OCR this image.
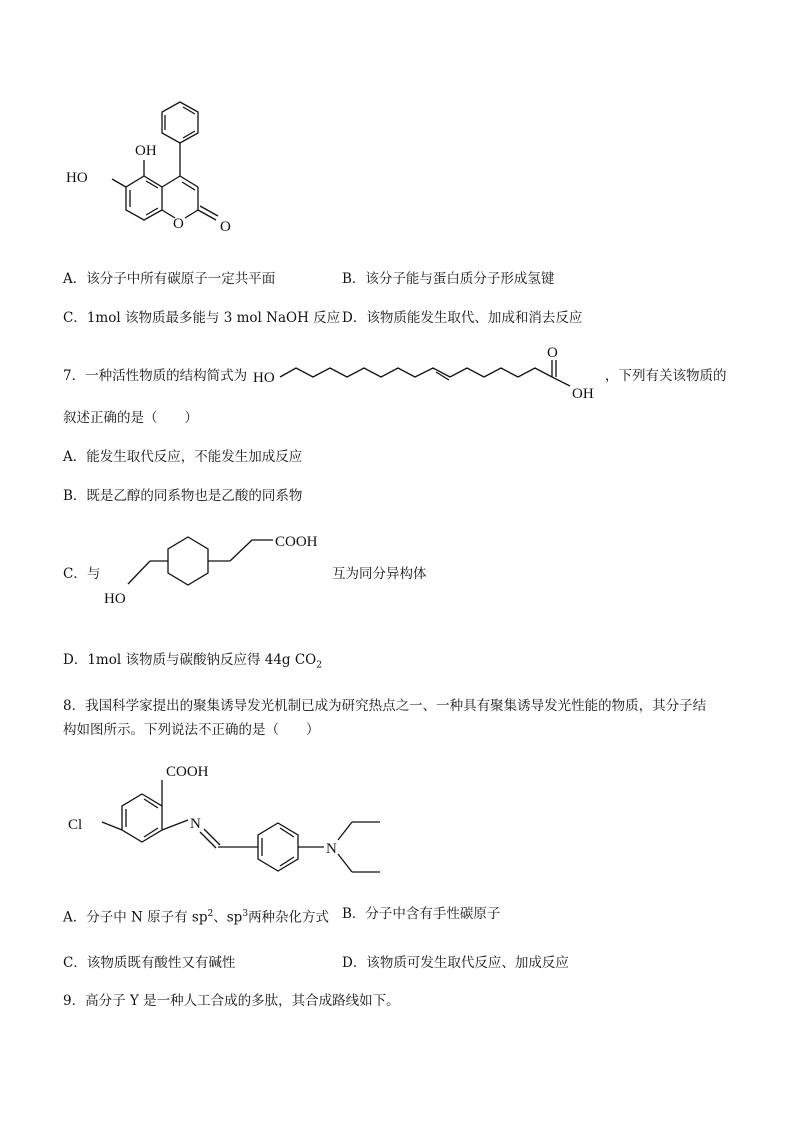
OH
HO
O O
A．该分子中所有碳原子一定共平面	B．该分子能与蛋白质分子形成氢键
C．1mol 该物质最多能与 3 mol NaOH 反应 D．该物质能发生取代、加成和消去反应
7．一种活性物质的结构简式为 HO
O
OH
，下列有关该物质的
叙述正确的是（　　）
A．能发生取代反应，不能发生加成反应
B．既是乙醇的同系物也是乙酸的同系物
C．与
HO
COOH
互为同分异构体
D．1mol 该物质与碳酸钠反应得 44g $CO_2$
8．我国科学家提出的聚集诱导发光机制已成为研究热点之一、一种具有聚集诱导发光性能的物质，其分子结
构如图所示。下列说法不正确的是（　　）
COOH
Cl	N
N
A．分子中 N 原子有 $sp^2$、$sp^3$两种杂化方式 B．分子中含有手性碳原子
C．该物质既有酸性又有碱性	D．该物质可发生取代反应、加成反应
9．高分子 Y 是一种人工合成的多肽，其合成路线如下。
